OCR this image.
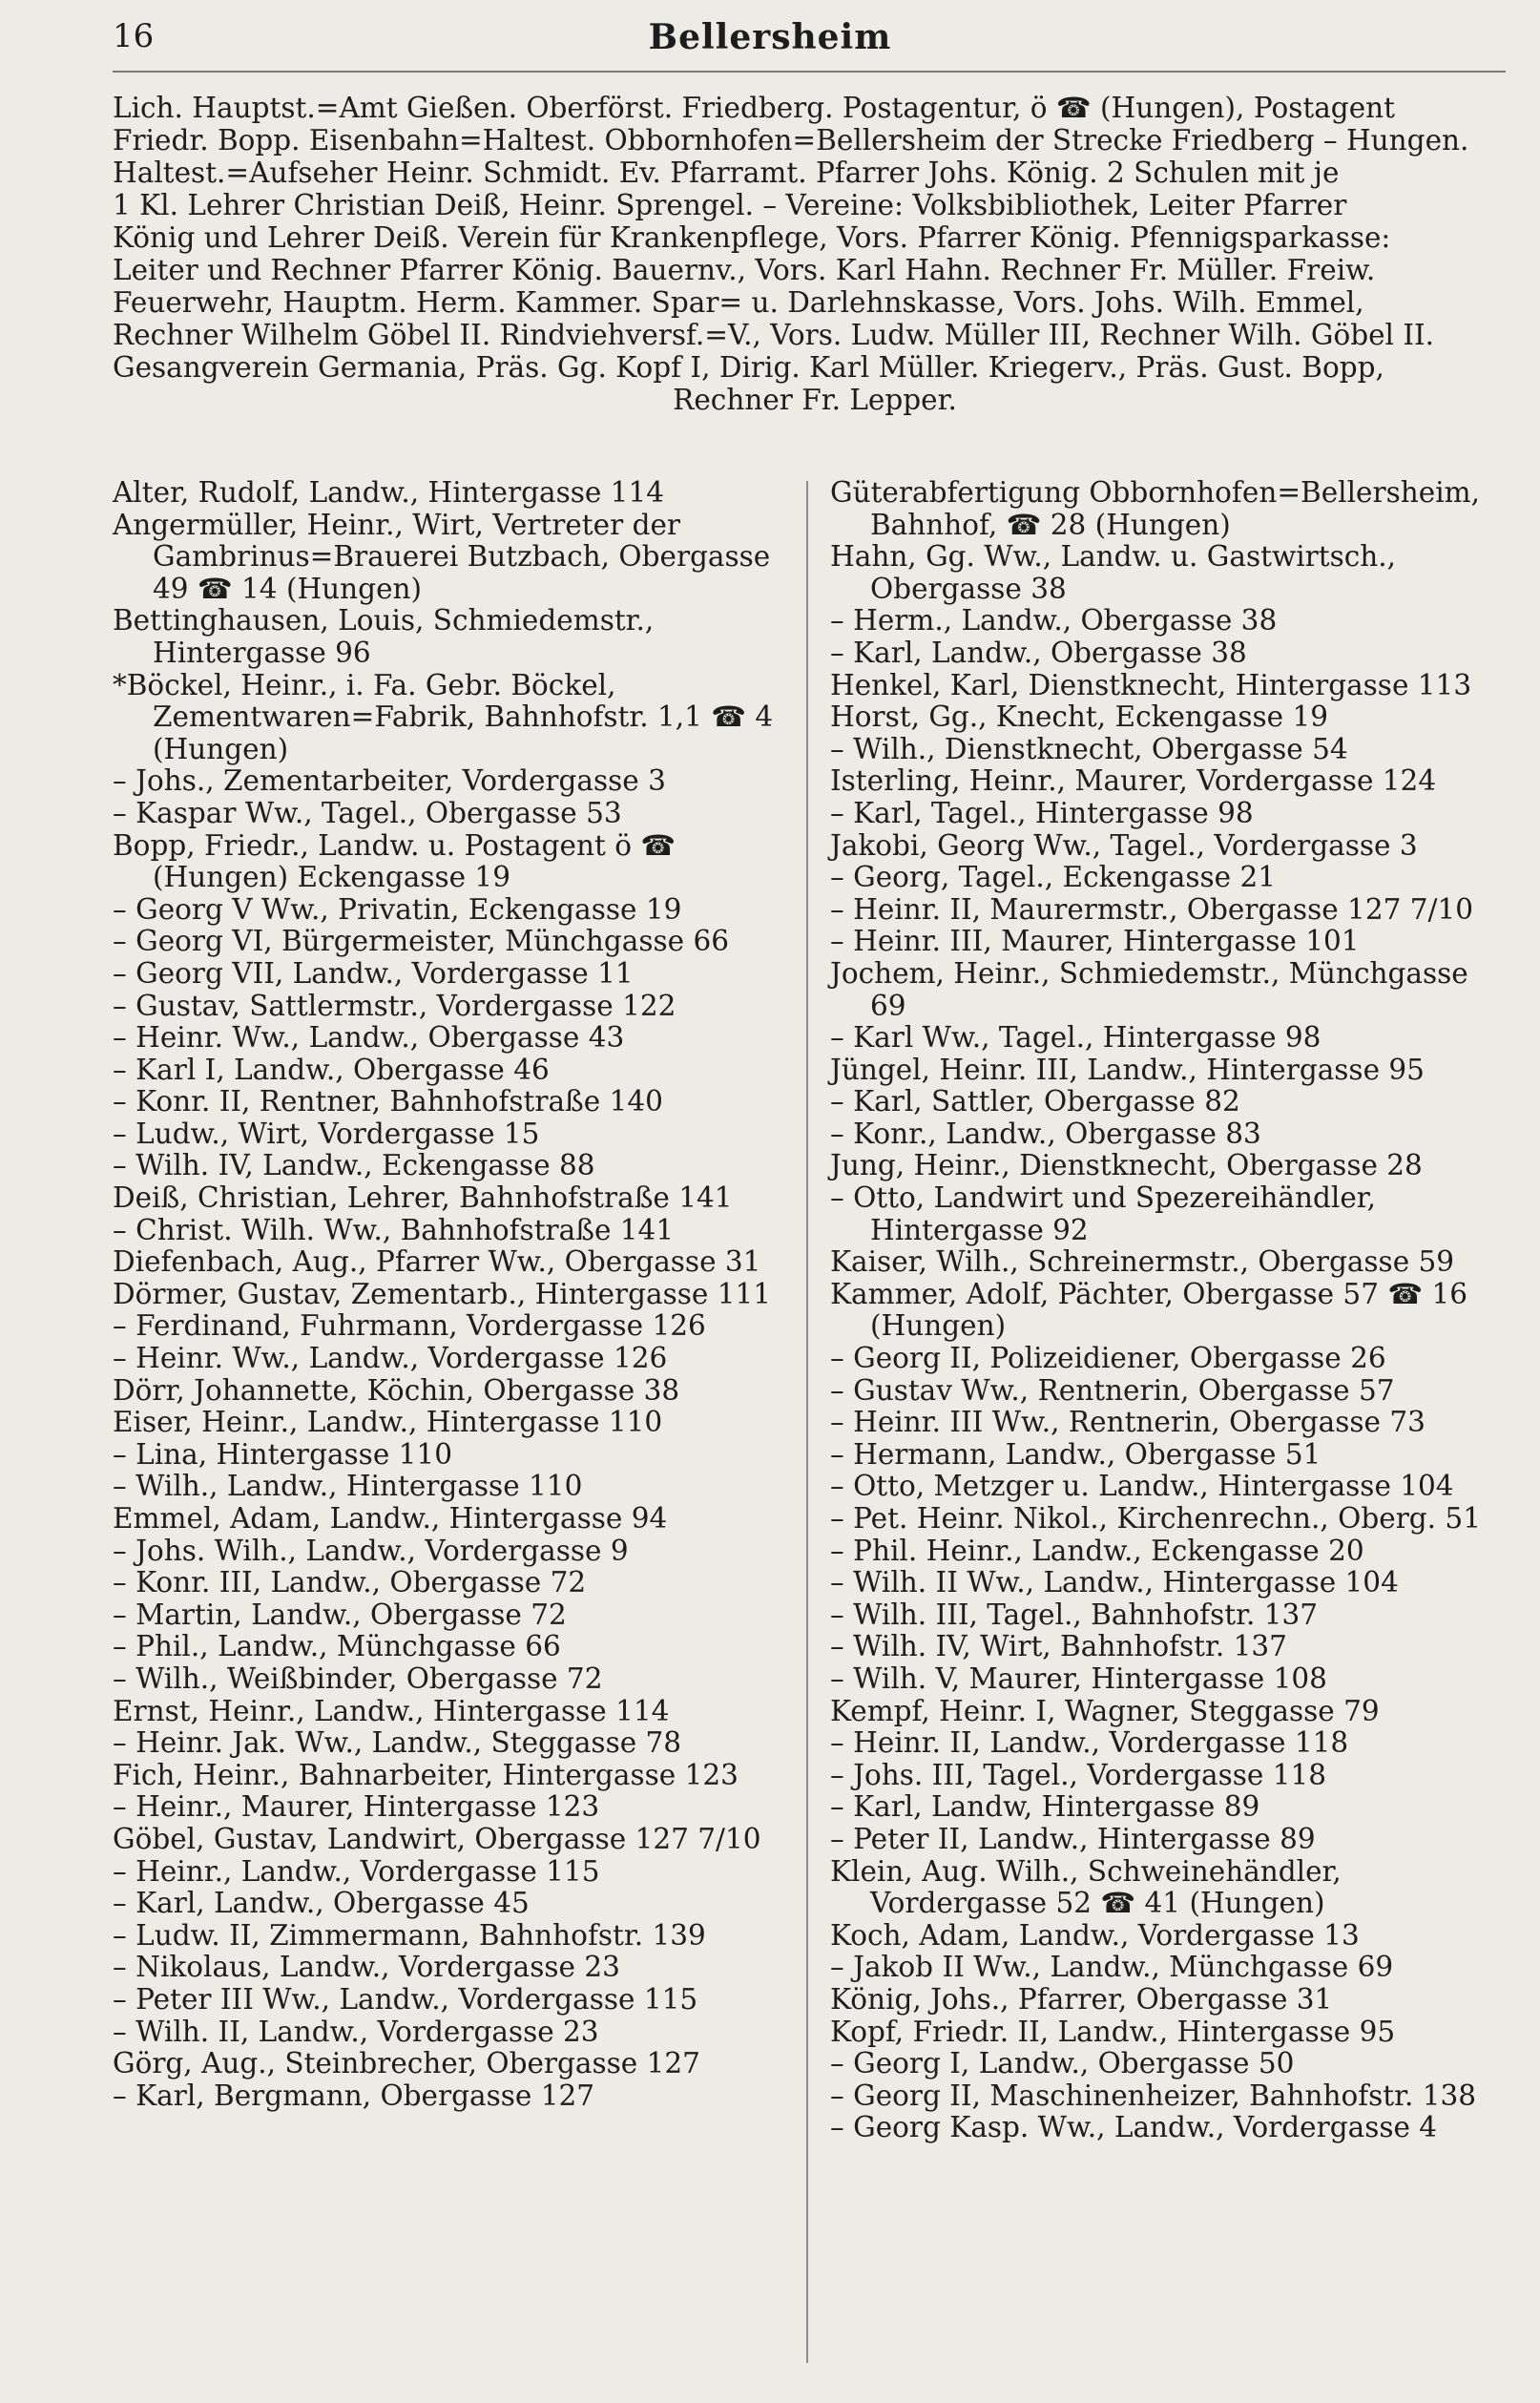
16	Bellersheim
Lich. Hauptst.=Amt Gießen. Oberförst. Friedberg. Postagentur, ö ☎ (Hungen), Postagent
Friedr. Bopp. Eisenbahn=Haltest. Obbornhofen=Bellersheim der Strecke Friedberg – Hungen.
Haltest.=Aufseher Heinr. Schmidt. Ev. Pfarramt. Pfarrer Johs. König. 2 Schulen mit je
1 Kl. Lehrer Christian Deiß, Heinr. Sprengel. – Vereine: Volksbibliothek, Leiter Pfarrer
König und Lehrer Deiß. Verein für Krankenpflege, Vors. Pfarrer König. Pfennigsparkasse:
Leiter und Rechner Pfarrer König. Bauernv., Vors. Karl Hahn. Rechner Fr. Müller. Freiw.
Feuerwehr, Hauptm. Herm. Kammer. Spar= u. Darlehnskasse, Vors. Johs. Wilh. Emmel,
Rechner Wilhelm Göbel II. Rindviehversf.=V., Vors. Ludw. Müller III, Rechner Wilh. Göbel II.
Gesangverein Germania, Präs. Gg. Kopf I, Dirig. Karl Müller. Kriegerv., Präs. Gust. Bopp,
Rechner Fr. Lepper.
Alter, Rudolf, Landw., Hintergasse 114
Angermüller, Heinr., Wirt, Vertreter der Gambrinus=Brauerei Butzbach, Obergasse 49 ☎ 14 (Hungen)
Bettinghausen, Louis, Schmiedemstr., Hintergasse 96
*Böckel, Heinr., i. Fa. Gebr. Böckel, Zementwaren=Fabrik, Bahnhofstr. 1,1 ☎ 4 (Hungen)
– Johs., Zementarbeiter, Vordergasse 3
– Kaspar Ww., Tagel., Obergasse 53
Bopp, Friedr., Landw. u. Postagent ö ☎ (Hungen) Eckengasse 19
– Georg V Ww., Privatin, Eckengasse 19
– Georg VI, Bürgermeister, Münchgasse 66
– Georg VII, Landw., Vordergasse 11
– Gustav, Sattlermstr., Vordergasse 122
– Heinr. Ww., Landw., Obergasse 43
– Karl I, Landw., Obergasse 46
– Konr. II, Rentner, Bahnhofstraße 140
– Ludw., Wirt, Vordergasse 15
– Wilh. IV, Landw., Eckengasse 88
Deiß, Christian, Lehrer, Bahnhofstraße 141
– Christ. Wilh. Ww., Bahnhofstraße 141
Diefenbach, Aug., Pfarrer Ww., Obergasse 31
Dörmer, Gustav, Zementarb., Hintergasse 111
– Ferdinand, Fuhrmann, Vordergasse 126
– Heinr. Ww., Landw., Vordergasse 126
Dörr, Johannette, Köchin, Obergasse 38
Eiser, Heinr., Landw., Hintergasse 110
– Lina, Hintergasse 110
– Wilh., Landw., Hintergasse 110
Emmel, Adam, Landw., Hintergasse 94
– Johs. Wilh., Landw., Vordergasse 9
– Konr. III, Landw., Obergasse 72
– Martin, Landw., Obergasse 72
– Phil., Landw., Münchgasse 66
– Wilh., Weißbinder, Obergasse 72
Ernst, Heinr., Landw., Hintergasse 114
– Heinr. Jak. Ww., Landw., Steggasse 78
Fich, Heinr., Bahnarbeiter, Hintergasse 123
– Heinr., Maurer, Hintergasse 123
Göbel, Gustav, Landwirt, Obergasse 127 7/10
– Heinr., Landw., Vordergasse 115
– Karl, Landw., Obergasse 45
– Ludw. II, Zimmermann, Bahnhofstr. 139
– Nikolaus, Landw., Vordergasse 23
– Peter III Ww., Landw., Vordergasse 115
– Wilh. II, Landw., Vordergasse 23
Görg, Aug., Steinbrecher, Obergasse 127
– Karl, Bergmann, Obergasse 127
Güterabfertigung Obbornhofen=Bellersheim, Bahnhof, ☎ 28 (Hungen)
Hahn, Gg. Ww., Landw. u. Gastwirtsch., Obergasse 38
– Herm., Landw., Obergasse 38
– Karl, Landw., Obergasse 38
Henkel, Karl, Dienstknecht, Hintergasse 113
Horst, Gg., Knecht, Eckengasse 19
– Wilh., Dienstknecht, Obergasse 54
Isterling, Heinr., Maurer, Vordergasse 124
– Karl, Tagel., Hintergasse 98
Jakobi, Georg Ww., Tagel., Vordergasse 3
– Georg, Tagel., Eckengasse 21
– Heinr. II, Maurermstr., Obergasse 127 7/10
– Heinr. III, Maurer, Hintergasse 101
Jochem, Heinr., Schmiedemstr., Münchgasse 69
– Karl Ww., Tagel., Hintergasse 98
Jüngel, Heinr. III, Landw., Hintergasse 95
– Karl, Sattler, Obergasse 82
– Konr., Landw., Obergasse 83
Jung, Heinr., Dienstknecht, Obergasse 28
– Otto, Landwirt und Spezereihändler, Hintergasse 92
Kaiser, Wilh., Schreinermstr., Obergasse 59
Kammer, Adolf, Pächter, Obergasse 57 ☎ 16 (Hungen)
– Georg II, Polizeidiener, Obergasse 26
– Gustav Ww., Rentnerin, Obergasse 57
– Heinr. III Ww., Rentnerin, Obergasse 73
– Hermann, Landw., Obergasse 51
– Otto, Metzger u. Landw., Hintergasse 104
– Pet. Heinr. Nikol., Kirchenrechn., Oberg. 51
– Phil. Heinr., Landw., Eckengasse 20
– Wilh. II Ww., Landw., Hintergasse 104
– Wilh. III, Tagel., Bahnhofstr. 137
– Wilh. IV, Wirt, Bahnhofstr. 137
– Wilh. V, Maurer, Hintergasse 108
Kempf, Heinr. I, Wagner, Steggasse 79
– Heinr. II, Landw., Vordergasse 118
– Johs. III, Tagel., Vordergasse 118
– Karl, Landw, Hintergasse 89
– Peter II, Landw., Hintergasse 89
Klein, Aug. Wilh., Schweinehändler, Vordergasse 52 ☎ 41 (Hungen)
Koch, Adam, Landw., Vordergasse 13
– Jakob II Ww., Landw., Münchgasse 69
König, Johs., Pfarrer, Obergasse 31
Kopf, Friedr. II, Landw., Hintergasse 95
– Georg I, Landw., Obergasse 50
– Georg II, Maschinenheizer, Bahnhofstr. 138
– Georg Kasp. Ww., Landw., Vordergasse 4
